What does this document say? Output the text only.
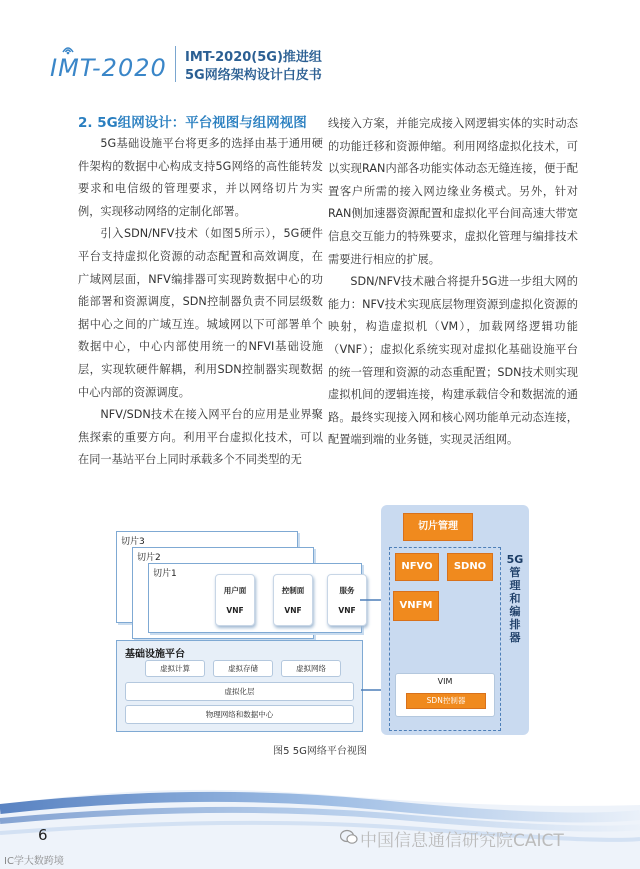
IMT-2020 IMT-2020(5G)推进组
5G网络架构设计白皮书

2. 5G组网设计：平台视图与组网视图

5G基础设施平台将更多的选择由基于通用硬件架构的数据中心构成支持5G网络的高性能转发要求和电信级的管理要求，并以网络切片为实例，实现移动网络的定制化部署。

引入SDN/NFV技术（如图5所示），5G硬件平台支持虚拟化资源的动态配置和高效调度，在广域网层面，NFV编排器可实现跨数据中心的功能部署和资源调度，SDN控制器负责不同层级数据中心之间的广域互连。城域网以下可部署单个数据中心，中心内部使用统一的NFVI基础设施层，实现软硬件解耦，利用SDN控制器实现数据中心内部的资源调度。

NFV/SDN技术在接入网平台的应用是业界聚焦探索的重要方向。利用平台虚拟化技术，可以在同一基站平台上同时承载多个不同类型的无

线接入方案，并能完成接入网逻辑实体的实时动态的功能迁移和资源伸缩。利用网络虚拟化技术，可以实现RAN内部各功能实体动态无缝连接，便于配置客户所需的接入网边缘业务模式。另外，针对RAN侧加速器资源配置和虚拟化平台间高速大带宽信息交互能力的特殊要求，虚拟化管理与编排技术需要进行相应的扩展。

SDN/NFV技术融合将提升5G进一步组大网的能力：NFV技术实现底层物理资源到虚拟化资源的映射，构造虚拟机（VM），加载网络逻辑功能（VNF）；虚拟化系统实现对虚拟化基础设施平台的统一管理和资源的动态重配置；SDN技术则实现虚拟机间的逻辑连接，构建承载信令和数据流的通路。最终实现接入网和核心网功能单元动态连接，配置端到端的业务链，实现灵活组网。

切片3
切片2
切片1
用户面
VNF
控制面
VNF
服务
VNF
基础设施平台
虚拟计算	虚拟存储	虚拟网络
虚拟化层
物理网络和数据中心
切片管理
NFVO	SDNO
VNFM
VIM
SDN控制器
5G
管
理
和
编
排
器
图5 5G网络平台视图
6	中国信息通信研究院CAICT
IC学大数跨境
